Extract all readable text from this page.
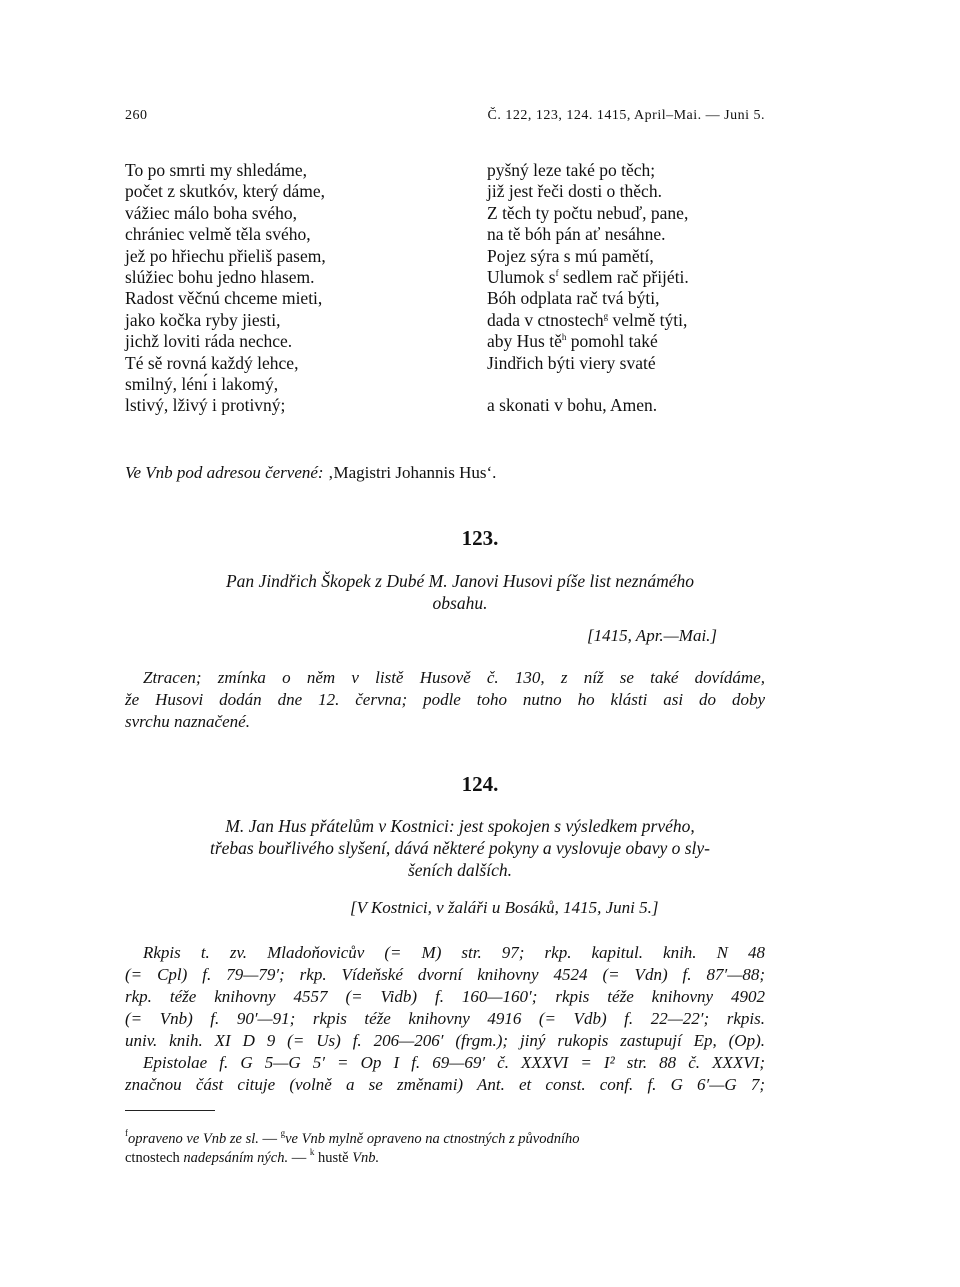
260	Č. 122, 123, 124. 1415, April–Mai. — Juni 5.
To po smrti my shledáme,
počet z skutkóv, který dáme,
vážiec málo boha svého,
chrániec velmě těla svého,
jež po hřiechu přieliš pasem,
slúžiec bohu jedno hlasem.
Radost věčnú chceme mieti,
jako kočka ryby jiesti,
jichž loviti ráda nechce.
Té sě rovná každý lehce,
smilný, lénı́ i lakomý,
lstivý, lživý i protivný;
pyšný leze také po těch;
již jest řeči dosti o thěch.
Z těch ty počtu nebuď, pane,
na tě bóh pán ať nesáhne.
Pojez sýra s mú pamětí,
Ulumok $s^f$ sedlem rač přijéti.
Bóh odplata rač tvá býti,
dada v ctnostech$^g$ velmě týti,
aby Hus $tě^h$ pomohl také
Jindřich býti viery svaté
a skonati v bohu, Amen.
Ve Vnb pod adresou červené: ‚Magistri Johannis Hus‘.
123.
Pan Jindřich Škopek z Dubé M. Janovi Husovi píše list neznámého
obsahu.
[1415, Apr.—Mai.]
Ztracen; zmínka o něm v listě Husově č. 130, z níž se také dovídáme,
že Husovi dodán dne 12. června; podle toho nutno ho klásti asi do doby
svrchu naznačené.
124.
M. Jan Hus přátelům v Kostnici: jest spokojen s výsledkem prvého,
třebas bouřlivého slyšení, dává některé pokyny a vyslovuje obavy o sly-
šeních dalších.
[V Kostnici, v žaláři u Bosáků, 1415, Juni 5.]
Rkpis t. zv. Mladoňovicův (= M) str. 97; rkp. kapitul. knih. N 48
(= Cpl) f. 79—79′; rkp. Vídeňské dvorní knihovny 4524 (= Vdn) f. 87′—88;
rkp. téže knihovny 4557 (= Vidb) f. 160—160′; rkpis téže knihovny 4902
(= Vnb) f. 90′—91; rkpis téže knihovny 4916 (= Vdb) f. 22—22′; rkpis.
univ. knih. XI D 9 (= Us) f. 206—206′ (frgm.); jiný rukopis zastupují Ep, (Op).
Epistolae f. G 5—G 5′ = Op I f. 69—69′ č. XXXVI = I² str. 88 č. XXXVI;
značnou část cituje (volně a se změnami) Ant. et const. conf. f. G 6′—G 7;
$^f$opraveno ve Vnb ze sl. — $^g$ve Vnb mylně opraveno na ctnostných z původního
ctnostech nadepsáním ných. — $^k$ hustě Vnb.
